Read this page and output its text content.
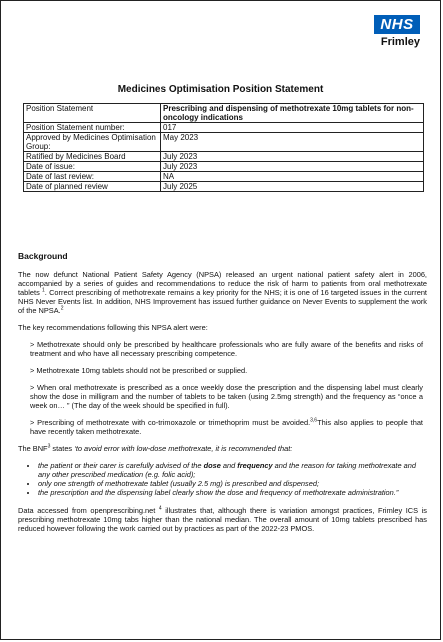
NHS
Frimley
Medicines Optimisation Position Statement
Position Statement	Prescribing and dispensing of methotrexate 10mg tablets for non-oncology indications
Position Statement number:	017
Approved by Medicines Optimisation Group:	May 2023
Ratified by Medicines Board	July 2023
Date of issue:	July 2023
Date of last review:	NA
Date of planned review	July 2025
Background

The now defunct National Patient Safety Agency (NPSA) released an urgent national patient safety alert in 2006, accompanied by a series of guides and recommendations to reduce the risk of harm to patients from oral methotrexate tablets $^1$. Correct prescribing of methotrexate remains a key priority for the NHS; it is one of 16 targeted issues in the current NHS Never Events list. In addition, NHS Improvement has issued further guidance on Never Events to supplement the work of the NPSA.$^2$

The key recommendations following this NPSA alert were:

> Methotrexate should only be prescribed by healthcare professionals who are fully aware of the benefits and risks of treatment and who have all necessary prescribing competence.
> Methotrexate 10mg tablets should not be prescribed or supplied.
> When oral methotrexate is prescribed as a once weekly dose the prescription and the dispensing label must clearly show the dose in milligram and the number of tablets to be taken (using 2.5mg strength) and the frequency as “once a week on… ” (The day of the week should be specified in full).
> Prescribing of methotrexate with co-trimoxazole or trimethoprim must be avoided.$^{3,6}$This also applies to people that have recently taken methotrexate.

The BNF$^3$ states ‘to avoid error with low-dose methotrexate, it is recommended that:

• the patient or their carer is carefully advised of the dose and frequency and the reason for taking methotrexate and any other prescribed medication (e.g. folic acid);
• only one strength of methotrexate tablet (usually 2.5 mg) is prescribed and dispensed;
• the prescription and the dispensing label clearly show the dose and frequency of methotrexate administration.”

Data accessed from openprescribing.net $^4$ illustrates that, although there is variation amongst practices, Frimley ICS is prescribing methotrexate 10mg tabs higher than the national median. The overall amount of 10mg tablets prescribed has reduced however following the work carried out by practices as part of the 2022-23 PMOS.
